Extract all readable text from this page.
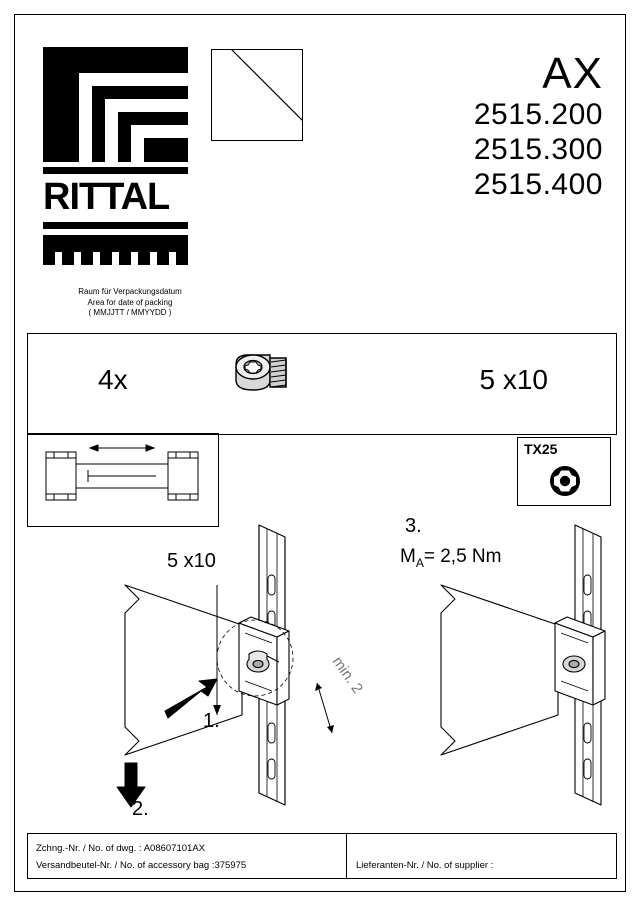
RITTAL
AX
2515.200
2515.300
2515.400
Raum für Verpackungsdatum
Area for date of packing
( MMJJTT / MMYYDD )
4x	5 x10
TX25
min. 2
5 x10
3.
$M_A= 2,5$ Nm
1.
2.
Zchng.-Nr. / No. of dwg. : A08607101AX
Versandbeutel-Nr. / No. of accessory bag :375975	Lieferanten-Nr. / No. of supplier :
